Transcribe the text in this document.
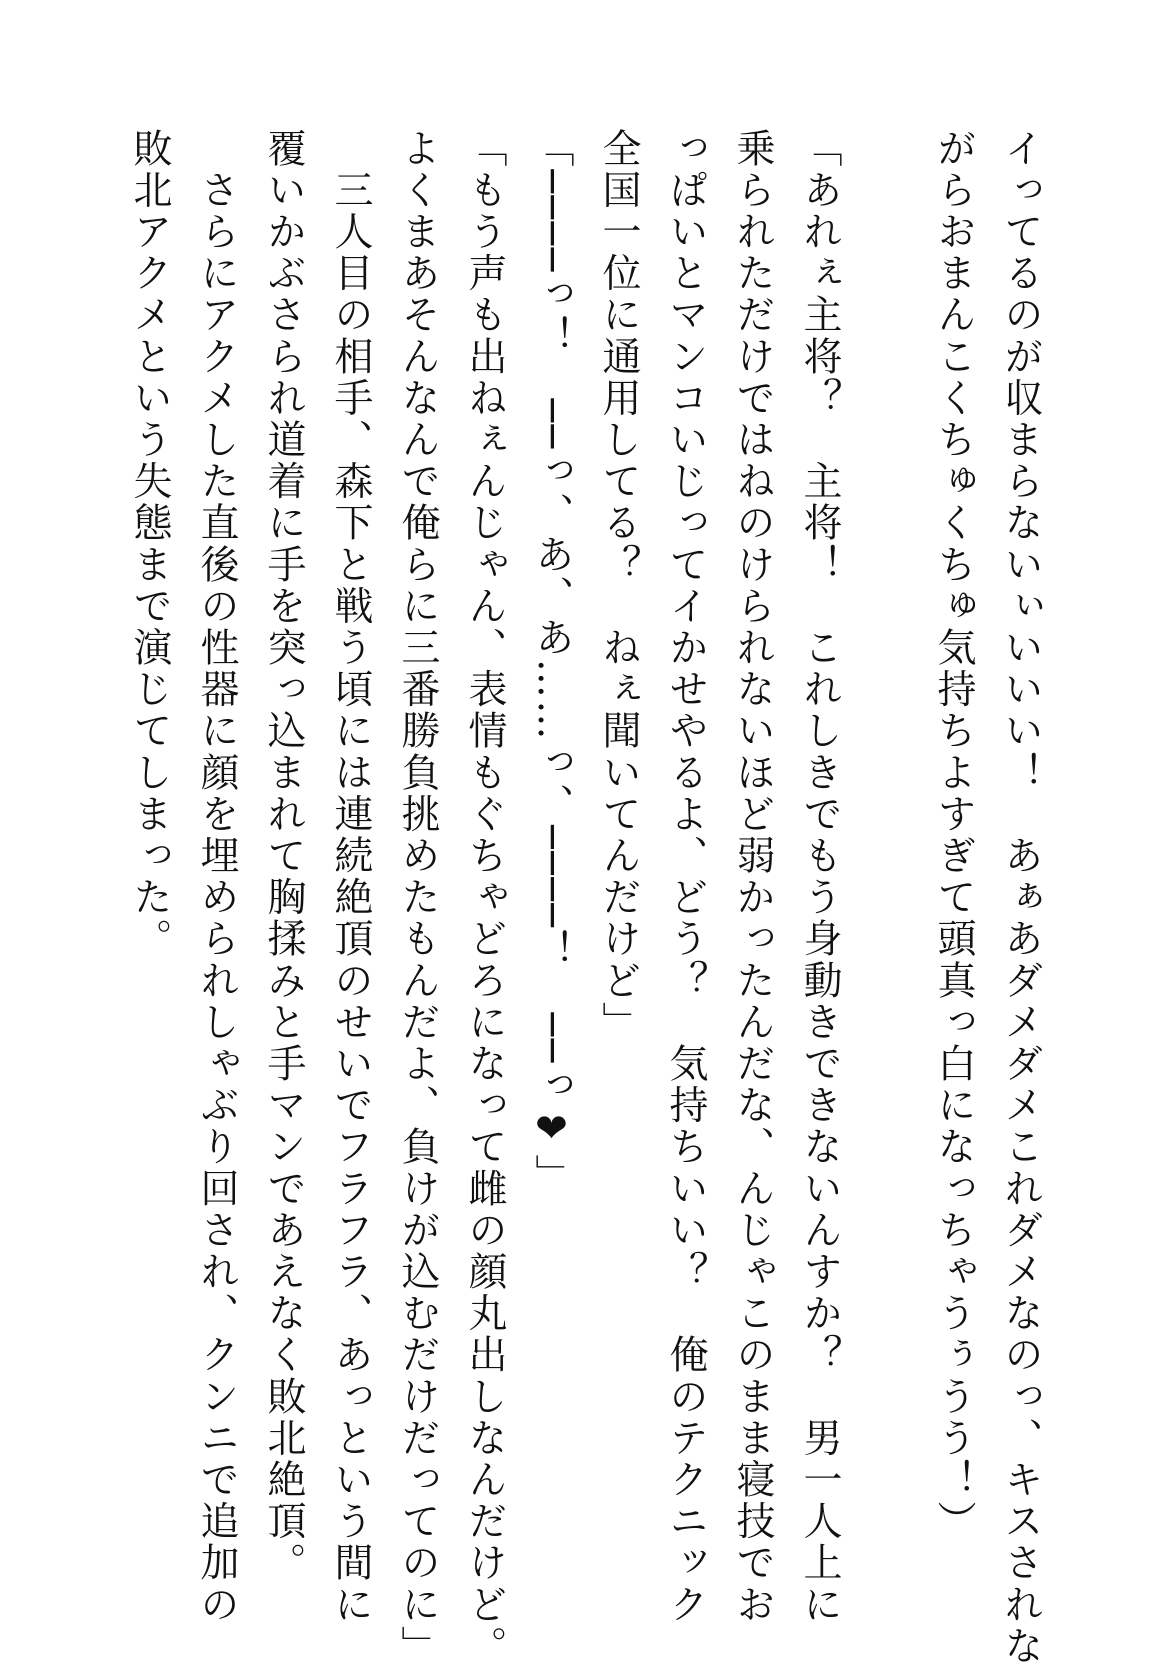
イってるのが収まらないぃいいい！　あぁあダメダメこれダメなのっ、キスされな
がらおまんこくちゅくちゅ気持ちよすぎて頭真っ白になっちゃうぅうう！）
「あれぇ主将？　主将！　これしきでもう身動きできないんすか？　男一人上に
乗られただけではねのけられないほど弱かったんだな、んじゃこのまま寝技でお
っぱいとマンコいじってイかせやるよ、どう？　気持ちいい？　俺のテクニック
全国一位に通用してる？　ねぇ聞いてんだけど」
「────っ！　──っ、あ、あ……っ、────！　──っ❤」
「もう声も出ねぇんじゃん、表情もぐちゃどろになって雌の顔丸出しなんだけど。
よくまあそんなんで俺らに三番勝負挑めたもんだよ、負けが込むだけだってのに」
　三人目の相手、森下と戦う頃には連続絶頂のせいでフラフラ、あっという間に
覆いかぶさられ道着に手を突っ込まれて胸揉みと手マンであえなく敗北絶頂。
　さらにアクメした直後の性器に顔を埋められしゃぶり回され、クンニで追加の
敗北アクメという失態まで演じてしまった。
